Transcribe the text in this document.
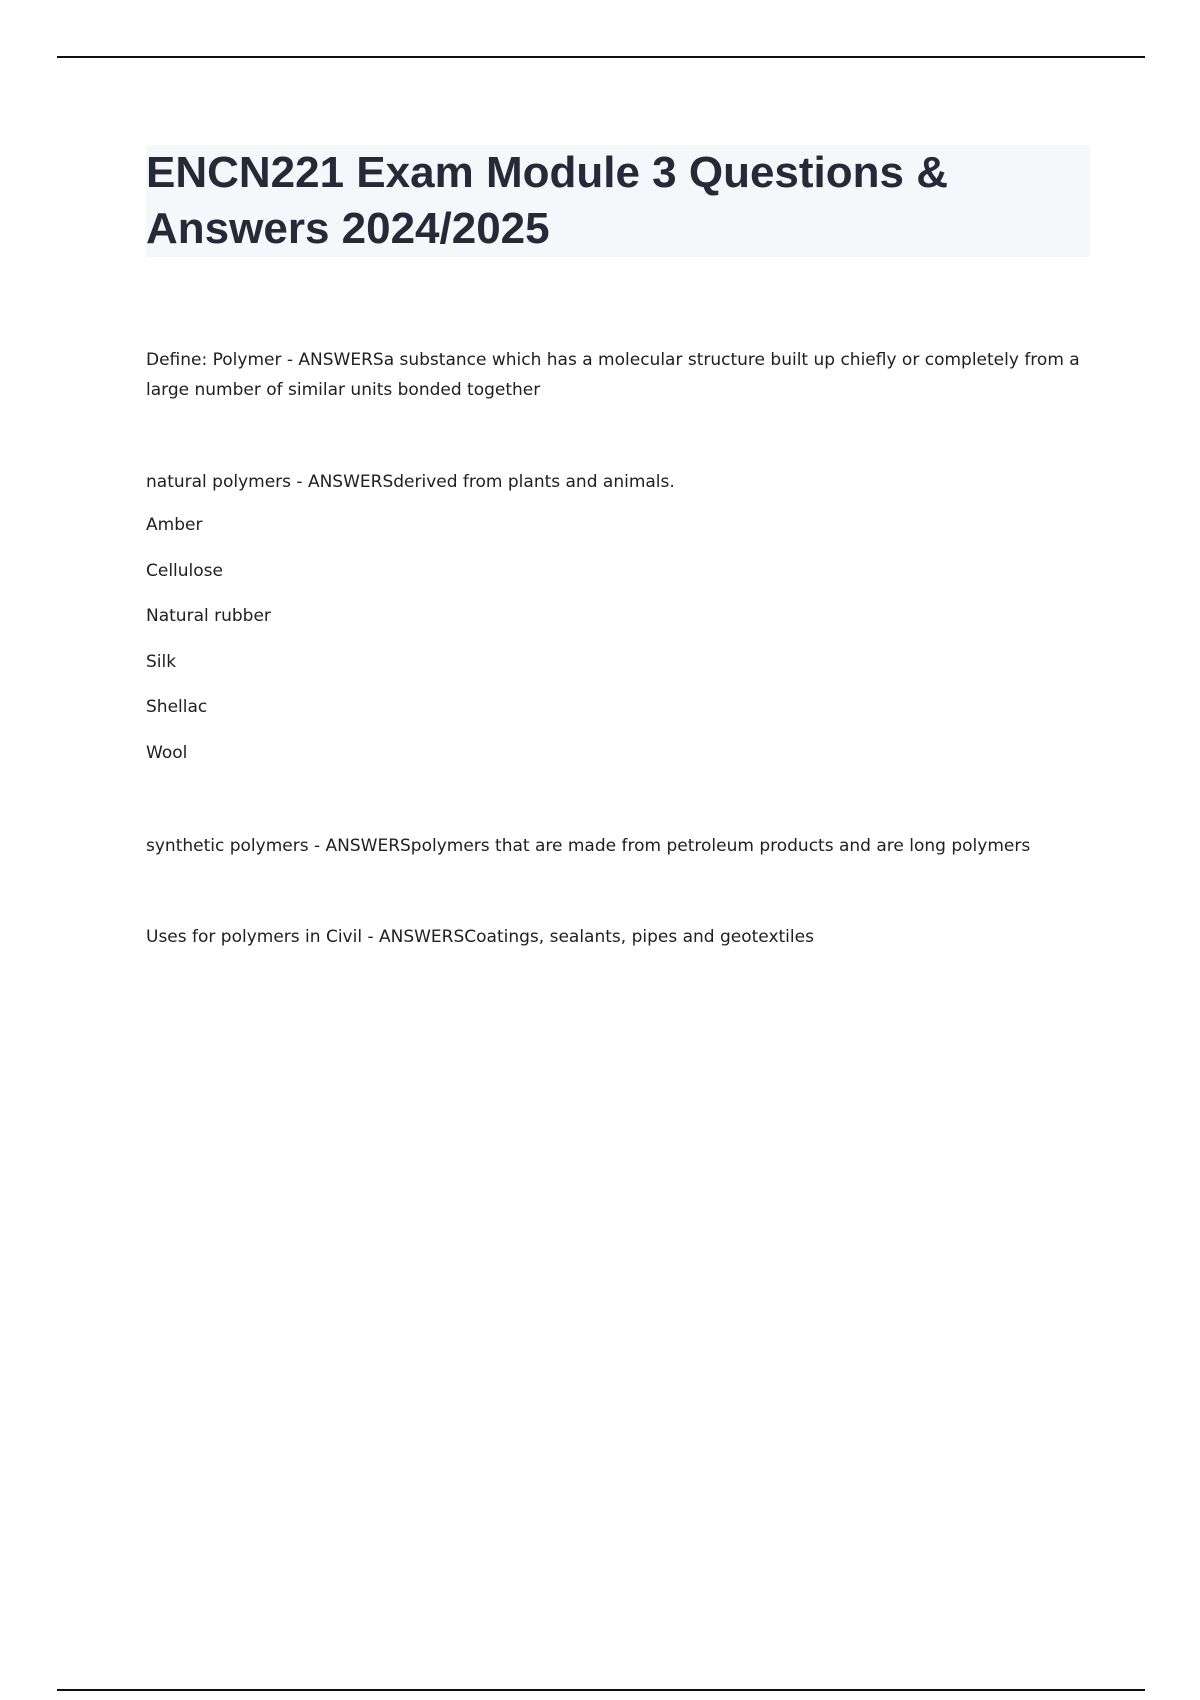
ENCN221 Exam Module 3 Questions & Answers 2024/2025

Define: Polymer - ANSWERSa substance which has a molecular structure built up chiefly or completely from a large number of similar units bonded together

natural polymers - ANSWERSderived from plants and animals.

Amber

Cellulose

Natural rubber

Silk

Shellac

Wool

synthetic polymers - ANSWERSpolymers that are made from petroleum products and are long polymers

Uses for polymers in Civil - ANSWERSCoatings, sealants, pipes and geotextiles
